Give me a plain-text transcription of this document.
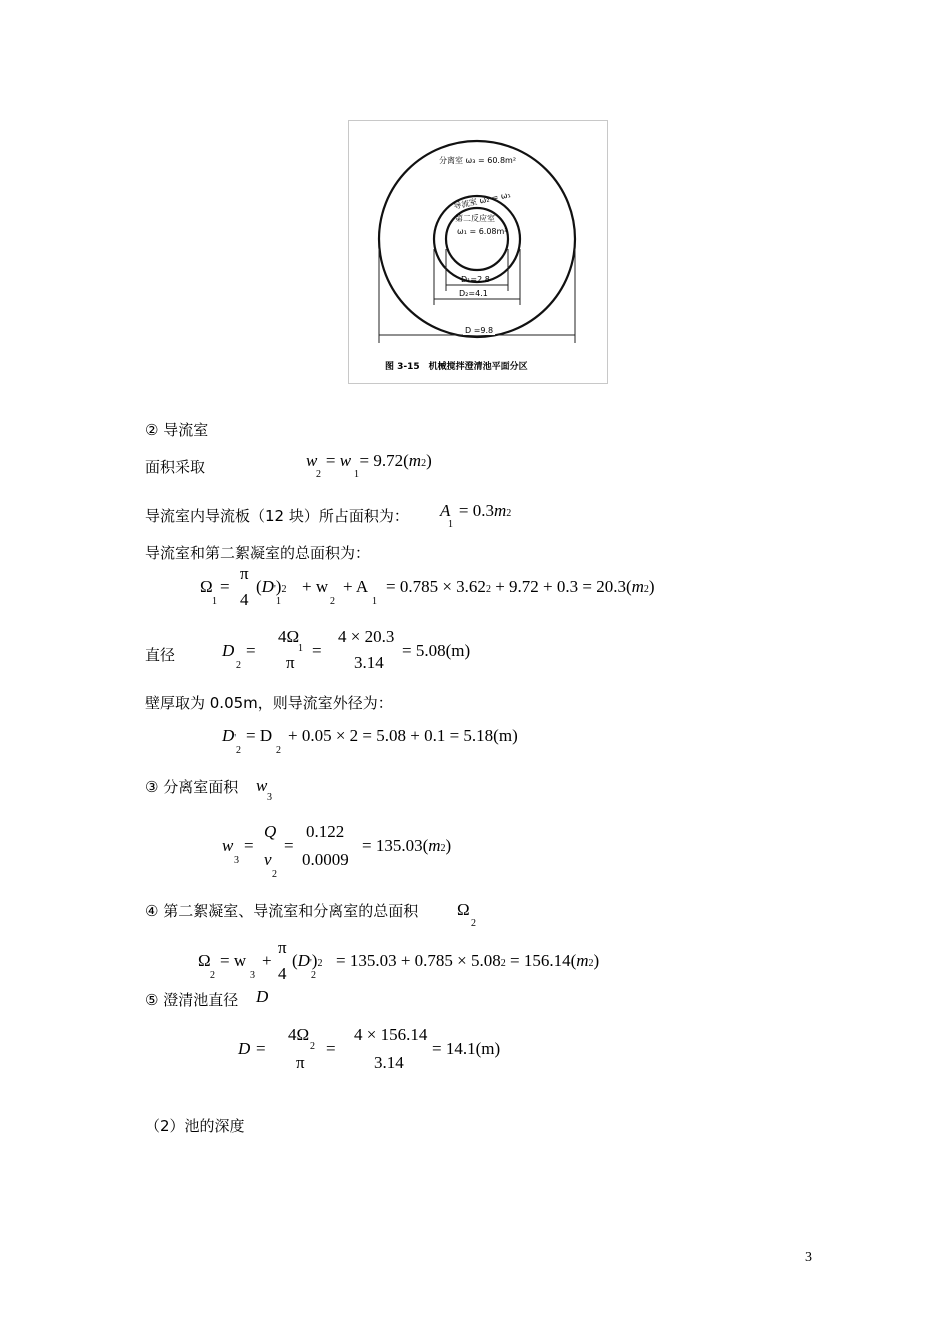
分离室 ω₃ = 60.8m²
导流室 ω₂ = ω₁
第二反应室
ω₁ = 6.08m²
D₁=2.8
D₂=4.1
D =9.8
图 3-15　机械搅拌澄清池平面分区
② 导流室
面积采取	w  = w = 9.72(m2)
2	1
导流室内导流板（12 块）所占面积为： A = 0.3m2
1
导流室和第二絮凝室的总面积为：
Ω
1
=
π
4
(D')2
1
+ w
2
+ A
1
= 0.785 × 3.622 + 9.72 + 0.3 = 20.3(m2)
直径	D
2
=
4Ω
π
1 =
4 × 20.3
3.14
= 5.08(m)
壁厚取为 0.05m，则导流室外径为：
D'
2
= D
2
+ 0.05 × 2 = 5.08 + 0.1 = 5.18(m)
③ 分离室面积 w
3
w
3
=
Q
v
2
=
0.122
0.0009
= 135.03(m2)
④ 第二絮凝室、导流室和分离室的总面积 Ω
2
Ω
2
= w
3
+
π
4
(D')2
2
= 135.03 + 0.785 × 5.082 = 156.14(m2)
⑤ 澄清池直径 D
D =
4Ω
π
2 =
4 × 156.14
3.14
= 14.1(m)
（2）池的深度
3
